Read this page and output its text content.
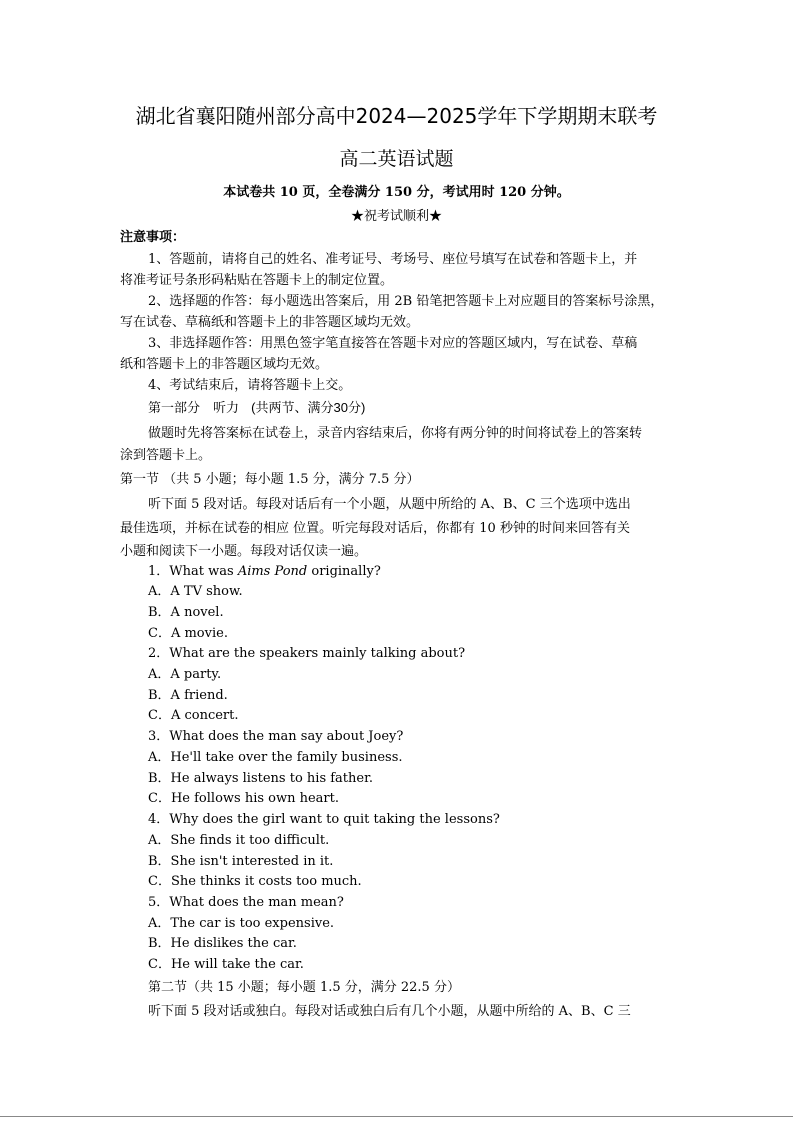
湖北省襄阳随州部分高中2024—2025学年下学期期末联考
高二英语试题
本试卷共 10 页，全卷满分 150 分，考试用时 120 分钟。
★祝考试顺利★
注意事项：
1、答题前，请将自己的姓名、准考证号、考场号、座位号填写在试卷和答题卡上，并
将准考证号条形码粘贴在答题卡上的制定位置。
2、选择题的作答：每小题选出答案后，用 2B 铅笔把答题卡上对应题目的答案标号涂黑，
写在试卷、草稿纸和答题卡上的非答题区域均无效。
3、非选择题作答：用黑色签字笔直接答在答题卡对应的答题区域内，写在试卷、草稿
纸和答题卡上的非答题区域均无效。
4、考试结束后，请将答题卡上交。
第一部分　听力 (共两节、满分30分)
做题时先将答案标在试卷上，录音内容结束后，你将有两分钟的时间将试卷上的答案转
涂到答题卡上。
第一节 （共 5 小题；每小题 1.5 分，满分 7.5 分）
听下面 5 段对话。每段对话后有一个小题，从题中所给的 A、B、C 三个选项中选出
最佳选项，并标在试卷的相应 位置。听完每段对话后，你都有 10 秒钟的时间来回答有关
小题和阅读下一小题。每段对话仅读一遍。
1．What was Aims Pond originally?
A．A TV show.
B．A novel.
C．A movie.
2．What are the speakers mainly talking about?
A．A party.
B．A friend.
C．A concert.
3．What does the man say about Joey?
A．He'll take over the family business.
B．He always listens to his father.
C．He follows his own heart.
4．Why does the girl want to quit taking the lessons?
A．She finds it too difficult.
B．She isn't interested in it.
C．She thinks it costs too much.
5．What does the man mean?
A．The car is too expensive.
B．He dislikes the car.
C．He will take the car.
第二节（共 15 小题；每小题 1.5 分，满分 22.5 分）
听下面 5 段对话或独白。每段对话或独白后有几个小题，从题中所给的 A、B、C 三
